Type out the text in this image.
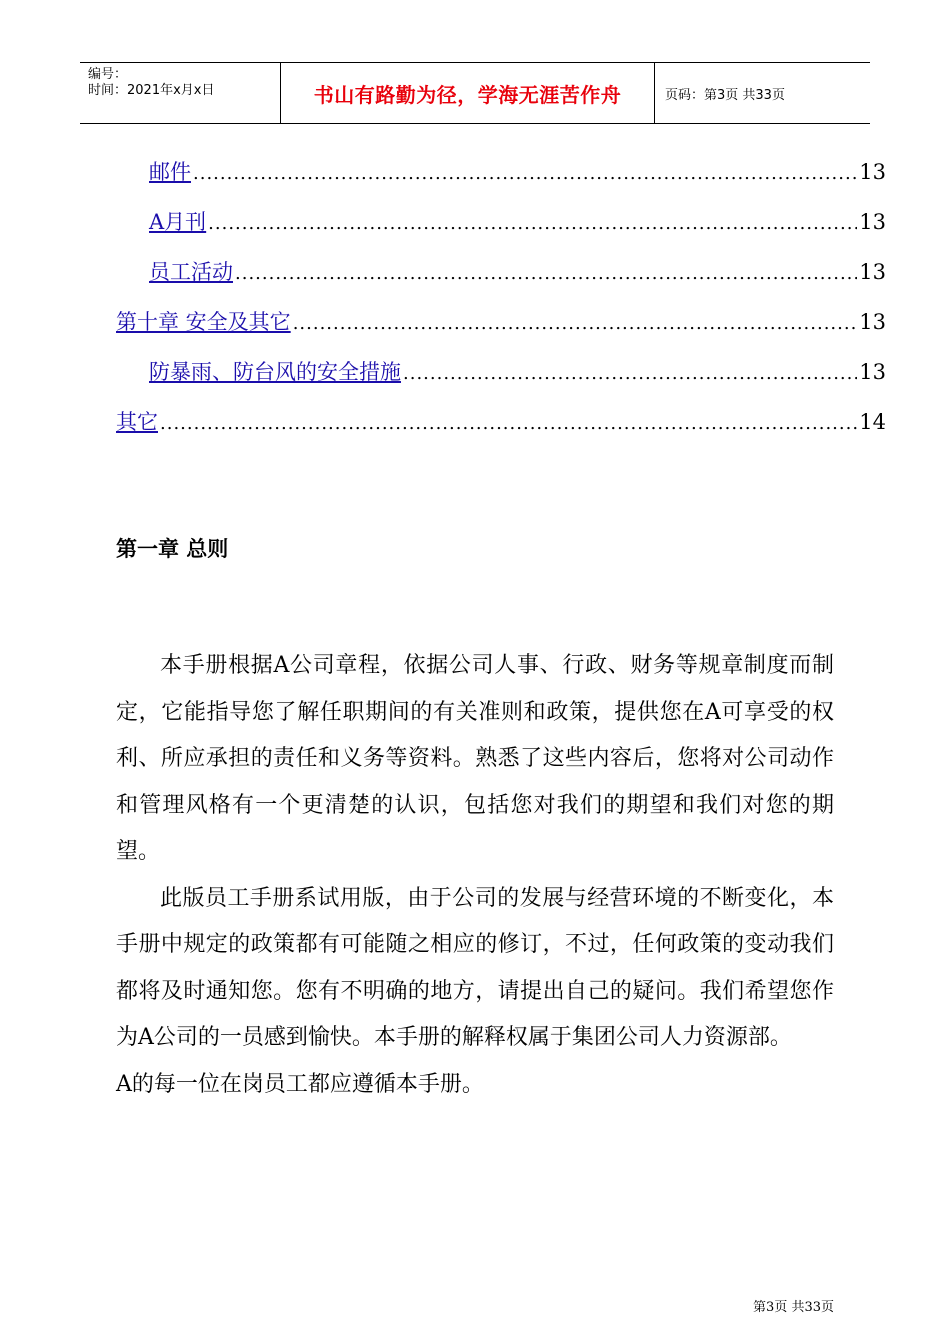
编号：
时间：2021年x月x日	书山有路勤为径，学海无涯苦作舟	页码：第3页 共33页
邮件 .....	13
A月刊 .....	13
员工活动 .....	13
第十章 安全及其它 .....	13
防暴雨、防台风的安全措施 .....	13
其它 .....	14
第一章 总则

本手册根据A公司章程，依据公司人事、行政、财务等规章制度而制定，它能指导您了解任职期间的有关准则和政策，提供您在A可享受的权利、所应承担的责任和义务等资料。熟悉了这些内容后，您将对公司动作和管理风格有一个更清楚的认识，包括您对我们的期望和我们对您的期望。

此版员工手册系试用版，由于公司的发展与经营环境的不断变化，本手册中规定的政策都有可能随之相应的修订，不过，任何政策的变动我们都将及时通知您。您有不明确的地方，请提出自己的疑问。我们希望您作为A公司的一员感到愉快。本手册的解释权属于集团公司人力资源部。

A的每一位在岗员工都应遵循本手册。

第3页 共33页
